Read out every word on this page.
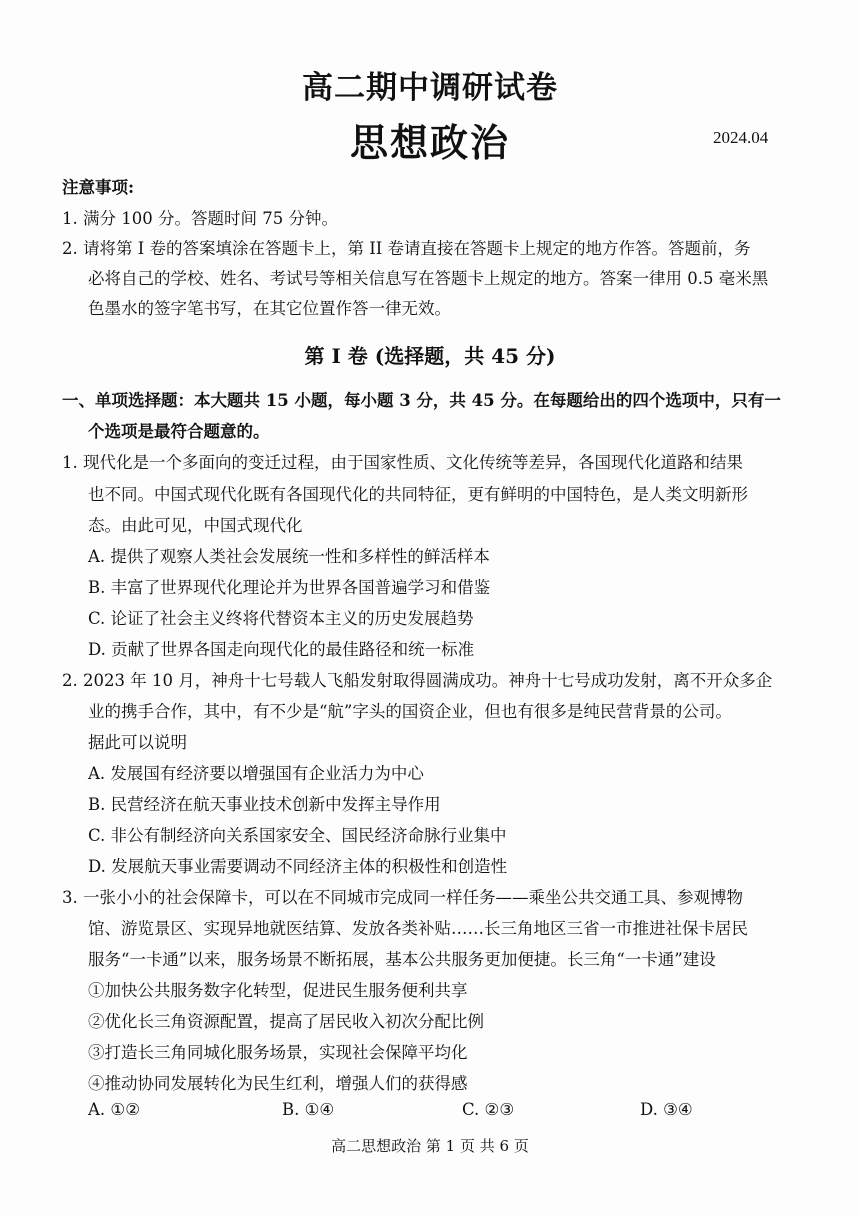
高二期中调研试卷
思想政治	2024.04
注意事项:
1. 满分 100 分。答题时间 75 分钟。
2. 请将第 I 卷的答案填涂在答题卡上，第 II 卷请直接在答题卡上规定的地方作答。答题前，务
必将自己的学校、姓名、考试号等相关信息写在答题卡上规定的地方。答案一律用 0.5 毫米黑
色墨水的签字笔书写，在其它位置作答一律无效。
第 I 卷 (选择题，共 45 分)
一、单项选择题：本大题共 15 小题，每小题 3 分，共 45 分。在每题给出的四个选项中，只有一
个选项是最符合题意的。
1. 现代化是一个多面向的变迁过程，由于国家性质、文化传统等差异，各国现代化道路和结果
也不同。中国式现代化既有各国现代化的共同特征，更有鲜明的中国特色，是人类文明新形
态。由此可见，中国式现代化
A. 提供了观察人类社会发展统一性和多样性的鲜活样本
B. 丰富了世界现代化理论并为世界各国普遍学习和借鉴
C. 论证了社会主义终将代替资本主义的历史发展趋势
D. 贡献了世界各国走向现代化的最佳路径和统一标准
2. 2023 年 10 月，神舟十七号载人飞船发射取得圆满成功。神舟十七号成功发射，离不开众多企
业的携手合作，其中，有不少是“航”字头的国资企业，但也有很多是纯民营背景的公司。
据此可以说明
A. 发展国有经济要以增强国有企业活力为中心
B. 民营经济在航天事业技术创新中发挥主导作用
C. 非公有制经济向关系国家安全、国民经济命脉行业集中
D. 发展航天事业需要调动不同经济主体的积极性和创造性
3. 一张小小的社会保障卡，可以在不同城市完成同一样任务——乘坐公共交通工具、参观博物
馆、游览景区、实现异地就医结算、发放各类补贴……长三角地区三省一市推进社保卡居民
服务“一卡通”以来，服务场景不断拓展，基本公共服务更加便捷。长三角“一卡通”建设
①加快公共服务数字化转型，促进民生服务便利共享
②优化长三角资源配置，提高了居民收入初次分配比例
③打造长三角同城化服务场景，实现社会保障平均化
④推动协同发展转化为民生红利，增强人们的获得感
A. ①②	B. ①④	C. ②③	D. ③④
高二思想政治 第 1 页 共 6 页
